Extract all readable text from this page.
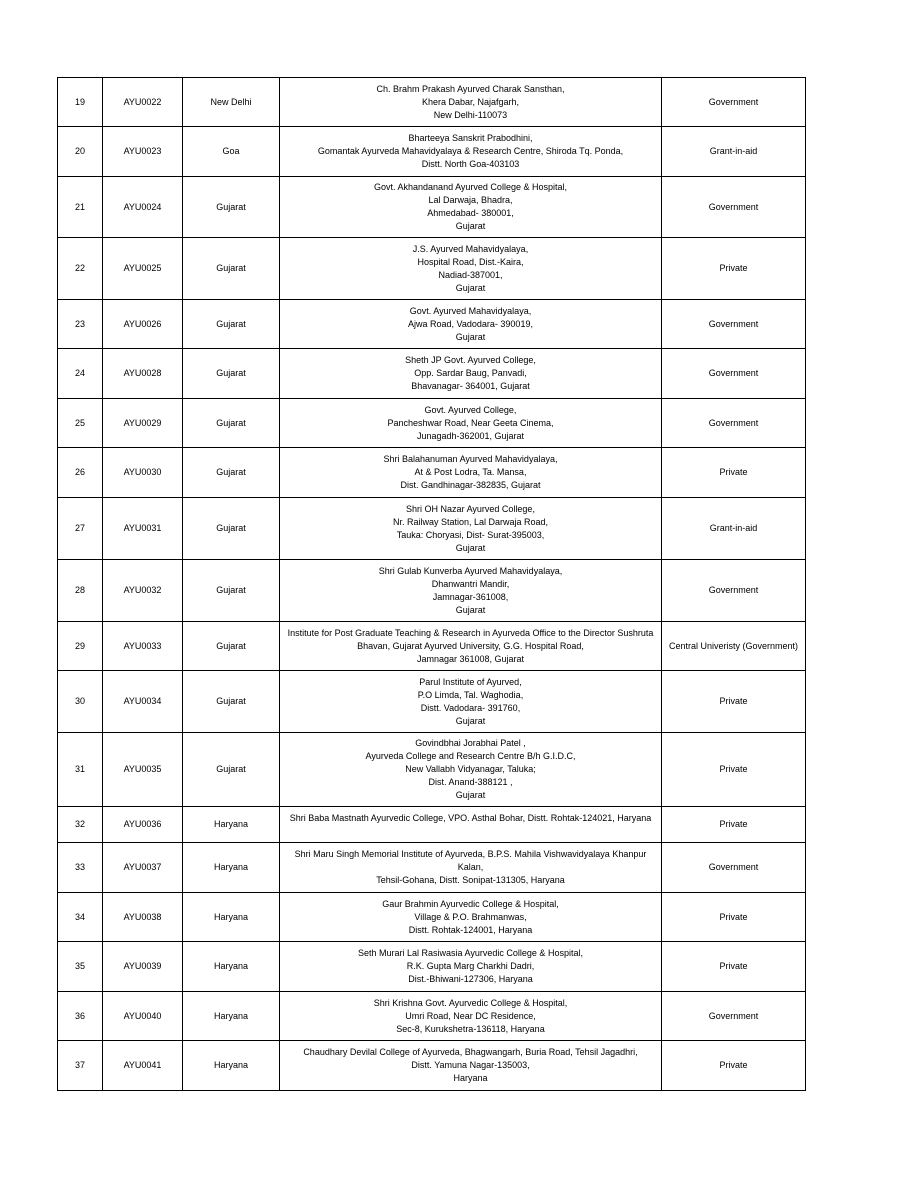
19	AYU0022	New Delhi	Ch. Brahm Prakash Ayurved Charak Sansthan,
Khera Dabar, Najafgarh,
New Delhi-110073	Government
20	AYU0023	Goa	Bharteeya Sanskrit Prabodhini,
Gomantak Ayurveda Mahavidyalaya & Research Centre, Shiroda Tq. Ponda,
Distt. North Goa-403103	Grant-in-aid
21	AYU0024	Gujarat	Govt. Akhandanand Ayurved College & Hospital,
Lal Darwaja, Bhadra,
Ahmedabad- 380001,
Gujarat	Government
22	AYU0025	Gujarat	J.S. Ayurved Mahavidyalaya,
Hospital Road, Dist.-Kaira,
Nadiad-387001,
Gujarat	Private
23	AYU0026	Gujarat	Govt. Ayurved Mahavidyalaya,
Ajwa Road, Vadodara- 390019,
Gujarat	Government
24	AYU0028	Gujarat	Sheth JP Govt. Ayurved College,
Opp. Sardar Baug, Panvadi,
Bhavanagar- 364001, Gujarat	Government
25	AYU0029	Gujarat	Govt. Ayurved College,
Pancheshwar Road, Near Geeta Cinema,
Junagadh-362001, Gujarat	Government
26	AYU0030	Gujarat	Shri Balahanuman Ayurved Mahavidyalaya,
At & Post Lodra, Ta. Mansa,
Dist. Gandhinagar-382835, Gujarat	Private
27	AYU0031	Gujarat	Shri OH Nazar Ayurved College,
Nr. Railway Station, Lal Darwaja Road,
Tauka: Choryasi, Dist- Surat-395003,
Gujarat	Grant-in-aid
28	AYU0032	Gujarat	Shri Gulab Kunverba Ayurved Mahavidyalaya,
Dhanwantri Mandir,
Jamnagar-361008,
Gujarat	Government
29	AYU0033	Gujarat	Institute for Post Graduate Teaching & Research in Ayurveda Office to the Director Sushruta
Bhavan, Gujarat Ayurved University, G.G. Hospital Road,
Jamnagar 361008, Gujarat	Central Univeristy (Government)
30	AYU0034	Gujarat	Parul Institute of Ayurved,
P.O Limda, Tal. Waghodia,
Distt. Vadodara- 391760,
Gujarat	Private
31	AYU0035	Gujarat	Govindbhai Jorabhai Patel ,
Ayurveda College and Research Centre B/h G.I.D.C,
New Vallabh Vidyanagar, Taluka;
Dist. Anand-388121 ,
Gujarat	Private
32	AYU0036	Haryana	Shri Baba Mastnath Ayurvedic College, VPO. Asthal Bohar, Distt. Rohtak-124021, Haryana	Private
33	AYU0037	Haryana	Shri Maru Singh Memorial Institute of Ayurveda, B.P.S. Mahila Vishwavidyalaya Khanpur
Kalan,
Tehsil-Gohana, Distt. Sonipat-131305, Haryana	Government
34	AYU0038	Haryana	Gaur Brahmin Ayurvedic College & Hospital,
Village & P.O. Brahmanwas,
Distt. Rohtak-124001, Haryana	Private
35	AYU0039	Haryana	Seth Murari Lal Rasiwasia Ayurvedic College & Hospital,
R.K. Gupta Marg Charkhi Dadri,
Dist.-Bhiwani-127306, Haryana	Private
36	AYU0040	Haryana	Shri Krishna Govt. Ayurvedic College & Hospital,
Umri Road, Near DC Residence,
Sec-8, Kurukshetra-136118, Haryana	Government
37	AYU0041	Haryana	Chaudhary Devilal College of Ayurveda, Bhagwangarh, Buria Road, Tehsil Jagadhri,
Distt. Yamuna Nagar-135003,
Haryana	Private
